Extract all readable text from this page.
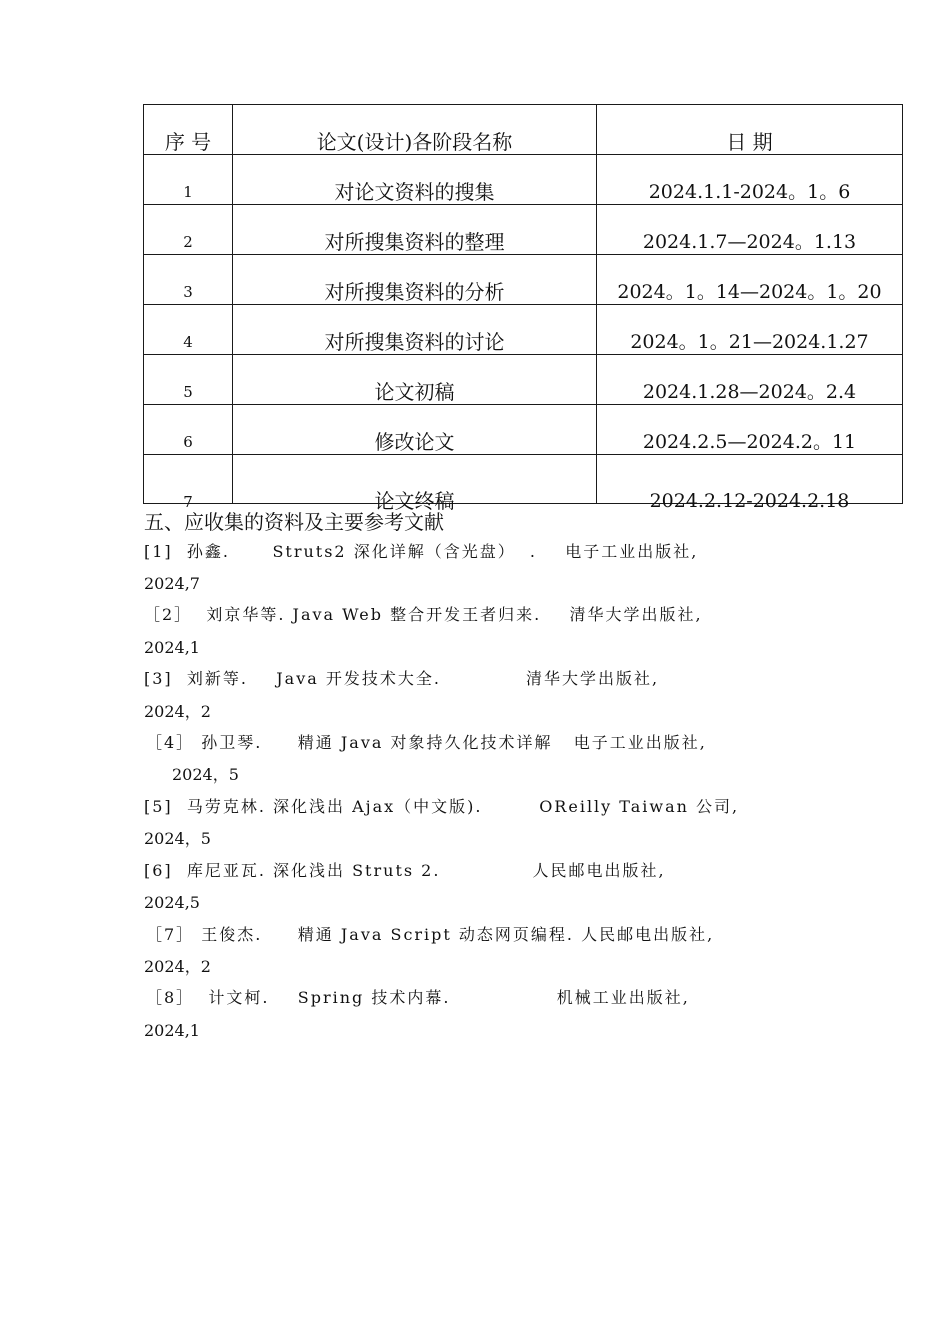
序 号	论文(设计)各阶段名称	日 期
1	对论文资料的搜集	2024.1.1-2024。1。6
2	对所搜集资料的整理	2024.1.7—2024。1.13
3	对所搜集资料的分析	2024。1。14—2024。1。20
4	对所搜集资料的讨论	2024。1。21—2024.1.27
5	论文初稿	2024.1.28—2024。2.4
6	修改论文	2024.2.5—2024.2。11
7	论文终稿	2024.2.12-2024.2.18
五、应收集的资料及主要参考文献
[1]  孙鑫.      Struts2 深化详解（含光盘）  .    电子工业出版社,
2024,7
［2］  刘京华等. Java Web 整合开发王者归来.    清华大学出版社,
2024,1
[3]  刘新等.    Java 开发技术大全.            清华大学出版社,
2024，2
［4］ 孙卫琴.     精通 Java 对象持久化技术详解   电子工业出版社,
2024，5
[5]  马劳克林. 深化浅出 Ajax（中文版).        OReilly Taiwan 公司,
2024，5
[6]  库尼亚瓦. 深化浅出 Struts 2.             人民邮电出版社,
2024,5
［7］ 王俊杰.     精通 Java Script 动态网页编程. 人民邮电出版社,
2024，2
［8］  计文柯.    Spring 技术内幕.               机械工业出版社,
2024,1
